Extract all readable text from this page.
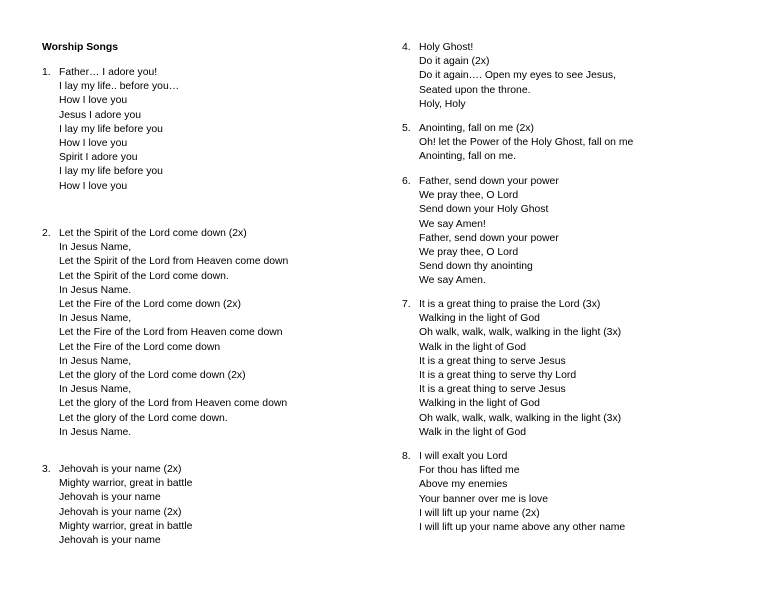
Worship Songs
1. Father… I adore you!
I lay my life.. before you…
How I love you
Jesus I adore you
I lay my life before you
How I love you
Spirit I adore you
I lay my life before you
How I love you
2. Let the Spirit of the Lord come down (2x)
In Jesus Name,
Let the Spirit of the Lord from Heaven come down
Let the Spirit of the Lord come down.
In Jesus Name.
Let the Fire of the Lord come down (2x)
In Jesus Name,
Let the Fire of the Lord from Heaven come down
Let the Fire of the Lord come down
In Jesus Name,
Let the glory of the Lord come down (2x)
In Jesus Name,
Let the glory of the Lord from Heaven come down
Let the glory of the Lord come down.
In Jesus Name.
3. Jehovah is your name (2x)
Mighty warrior, great in battle
Jehovah is your name
Jehovah is your name (2x)
Mighty warrior, great in battle
Jehovah is your name
4. Holy Ghost!
Do it again (2x)
Do it again…. Open my eyes to see Jesus,
Seated upon the throne.
Holy, Holy
5. Anointing, fall on me (2x)
Oh! let the Power of the Holy Ghost, fall on me
Anointing, fall on me.
6. Father, send down your power
We pray thee, O Lord
Send down your Holy Ghost
We say Amen!
Father, send down your power
We pray thee, O Lord
Send down thy anointing
We say Amen.
7. It is a great thing to praise the Lord (3x)
Walking in the light of God
Oh walk, walk, walk, walking in the light (3x)
Walk in the light of God
It is a great thing to serve Jesus
It is a great thing to serve thy Lord
It is a great thing to serve Jesus
Walking in the light of God
Oh walk, walk, walk, walking in the light (3x)
Walk in the light of God
8. I will exalt you Lord
For thou has lifted me
Above my enemies
Your banner over me is love
I will lift up your name (2x)
I will lift up your name above any other name
